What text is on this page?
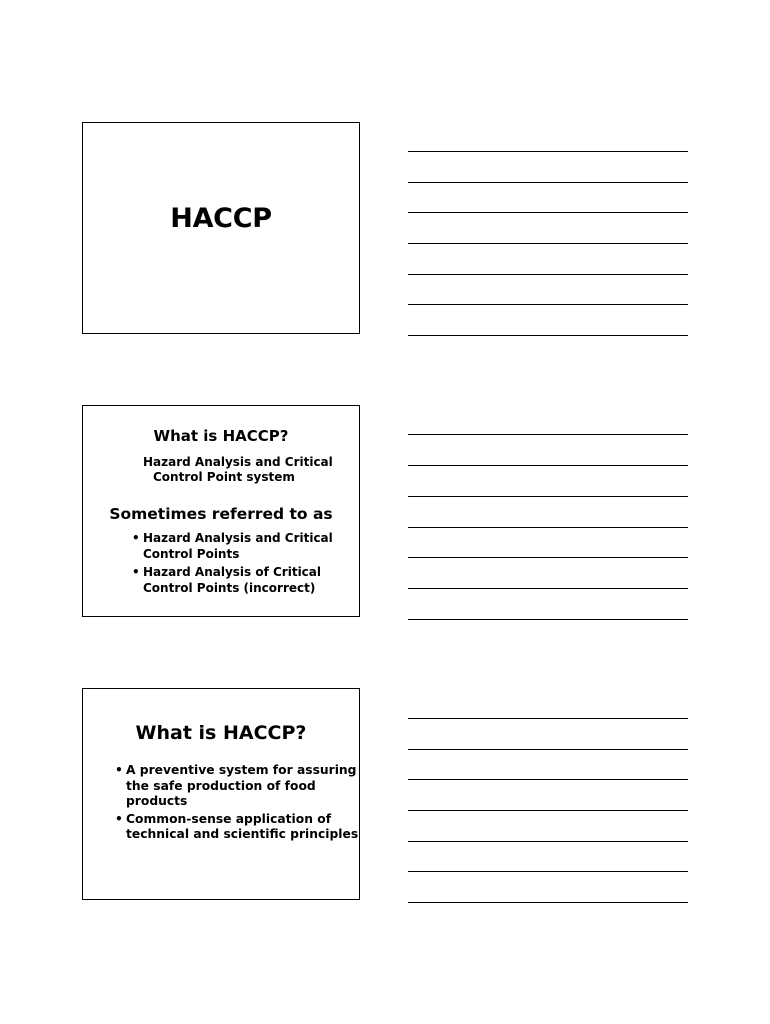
HACCP
What is HACCP?
Hazard Analysis and Critical
Control Point system
Sometimes referred to as
• Hazard Analysis and Critical
Control Points
• Hazard Analysis of Critical
Control Points (incorrect)
What is HACCP?
• A preventive system for assuring
the safe production of food
products
• Common-sense application of
technical and scientific principles
